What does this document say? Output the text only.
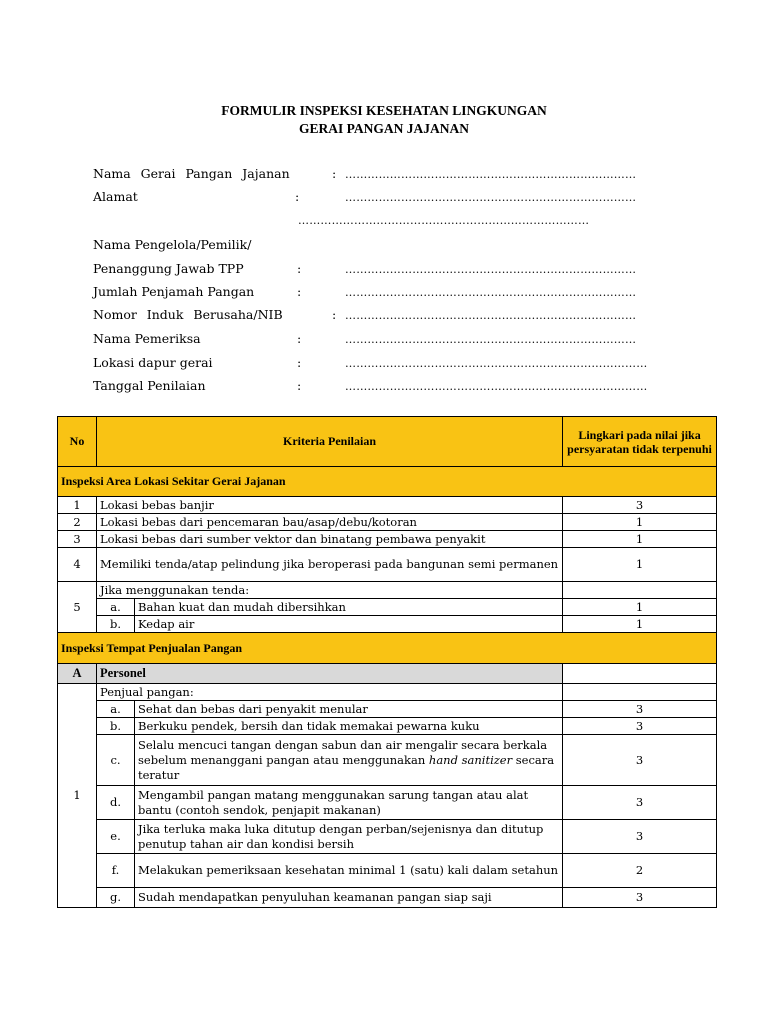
FORMULIR INSPEKSI KESEHATAN LINGKUNGAN
GERAI PANGAN JAJANAN
Nama Gerai Pangan Jajanan	: ……………………………………………………………………
Alamat	:	……………………………………………………………………
……………………………………………………………………
Nama Pengelola/Pemilik/
Penanggung Jawab TPP	:	……………………………………………………………………
Jumlah Penjamah Pangan	:	……………………………………………………………………
Nomor Induk Berusaha/NIB	: ……………………………………………………………………
Nama Pemeriksa	:	……………………………………………………………………
Lokasi dapur gerai	:	………………………………………………………………………
Tanggal Penilaian	:	………………………………………………………………………
No	Kriteria Penilaian		Lingkari pada nilai jika persyaratan tidak terpenuhi
Inspeksi Area Lokasi Sekitar Gerai Jajanan			
1	Lokasi bebas banjir		3
2	Lokasi bebas dari pencemaran bau/asap/debu/kotoran		1
3	Lokasi bebas dari sumber vektor dan binatang pembawa penyakit		1
4	Memiliki tenda/atap pelindung jika beroperasi pada bangunan semi permanen		1
5	Jika menggunakan tenda:		
	a.	Bahan kuat dan mudah dibersihkan	1
	b.	Kedap air	1
Inspeksi Tempat Penjualan Pangan			
A	Personel		
1	Penjual pangan:		
	a.	Sehat dan bebas dari penyakit menular	3
	b.	Berkuku pendek, bersih dan tidak memakai pewarna kuku	3
	c.	Selalu mencuci tangan dengan sabun dan air mengalir secara berkala sebelum menanggani pangan atau menggunakan hand sanitizer secara teratur	3
	d.	Mengambil pangan matang menggunakan sarung tangan atau alat bantu (contoh sendok, penjapit makanan)	3
	e.	Jika terluka maka luka ditutup dengan perban/sejenisnya dan ditutup penutup tahan air dan kondisi bersih	3
	f.	Melakukan pemeriksaan kesehatan minimal 1 (satu) kali dalam setahun	2
	g.	Sudah mendapatkan penyuluhan keamanan pangan siap saji	3
